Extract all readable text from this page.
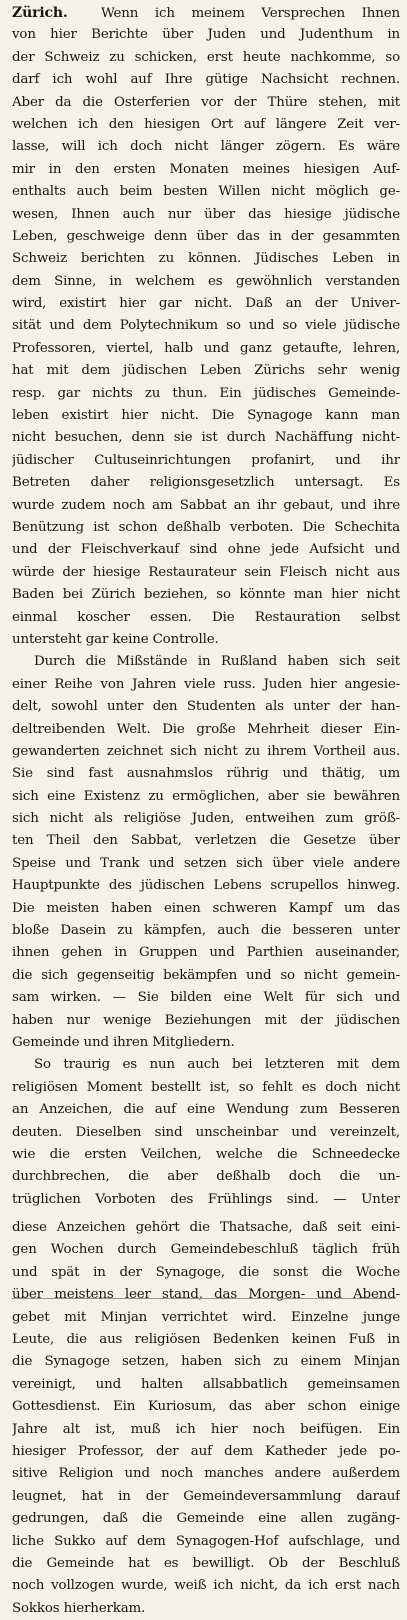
Zürich. Wenn ich meinem Versprechen Ihnen
von hier Berichte über Juden und Judenthum in
der Schweiz zu schicken, erst heute nachkomme, so
darf ich wohl auf Ihre gütige Nachsicht rechnen.
Aber da die Osterferien vor der Thüre stehen, mit
welchen ich den hiesigen Ort auf längere Zeit ver-
lasse, will ich doch nicht länger zögern. Es wäre
mir in den ersten Monaten meines hiesigen Auf-
enthalts auch beim besten Willen nicht möglich ge-
wesen, Ihnen auch nur über das hiesige jüdische
Leben, geschweige denn über das in der gesammten
Schweiz berichten zu können. Jüdisches Leben in
dem Sinne, in welchem es gewöhnlich verstanden
wird, existirt hier gar nicht. Daß an der Univer-
sität und dem Polytechnikum so und so viele jüdische
Professoren, viertel, halb und ganz getaufte, lehren,
hat mit dem jüdischen Leben Zürichs sehr wenig
resp. gar nichts zu thun. Ein jüdisches Gemeinde-
leben existirt hier nicht. Die Synagoge kann man
nicht besuchen, denn sie ist durch Nachäffung nicht-
jüdischer Cultuseinrichtungen profanirt, und ihr
Betreten daher religionsgesetzlich untersagt. Es
wurde zudem noch am Sabbat an ihr gebaut, und ihre
Benützung ist schon deßhalb verboten. Die Schechita
und der Fleischverkauf sind ohne jede Aufsicht und
würde der hiesige Restaurateur sein Fleisch nicht aus
Baden bei Zürich beziehen, so könnte man hier nicht
einmal koscher essen. Die Restauration selbst
untersteht gar keine Controlle.
Durch die Mißstände in Rußland haben sich seit
einer Reihe von Jahren viele russ. Juden hier angesie-
delt, sowohl unter den Studenten als unter der han-
deltreibenden Welt. Die große Mehrheit dieser Ein-
gewanderten zeichnet sich nicht zu ihrem Vortheil aus.
Sie sind fast ausnahmslos rührig und thätig, um
sich eine Existenz zu ermöglichen, aber sie bewähren
sich nicht als religiöse Juden, entweihen zum größ-
ten Theil den Sabbat, verletzen die Gesetze über
Speise und Trank und setzen sich über viele andere
Hauptpunkte des jüdischen Lebens scrupellos hinweg.
Die meisten haben einen schweren Kampf um das
bloße Dasein zu kämpfen, auch die besseren unter
ihnen gehen in Gruppen und Parthien auseinander,
die sich gegenseitig bekämpfen und so nicht gemein-
sam wirken. — Sie bilden eine Welt für sich und
haben nur wenige Beziehungen mit der jüdischen
Gemeinde und ihren Mitgliedern.
So traurig es nun auch bei letzteren mit dem
religiösen Moment bestellt ist, so fehlt es doch nicht
an Anzeichen, die auf eine Wendung zum Besseren
deuten. Dieselben sind unscheinbar und vereinzelt,
wie die ersten Veilchen, welche die Schneedecke
durchbrechen, die aber deßhalb doch die un-
trüglichen Vorboten des Frühlings sind. — Unter
diese Anzeichen gehört die Thatsache, daß seit eini-
gen Wochen durch Gemeindebeschluß täglich früh
und spät in der Synagoge, die sonst die Woche
über meistens leer stand, das Morgen- und Abend-
gebet mit Minjan verrichtet wird. Einzelne junge
Leute, die aus religiösen Bedenken keinen Fuß in
die Synagoge setzen, haben sich zu einem Minjan
vereinigt, und halten allsabbatlich gemeinsamen
Gottesdienst. Ein Kuriosum, das aber schon einige
Jahre alt ist, muß ich hier noch beifügen. Ein
hiesiger Professor, der auf dem Katheder jede po-
sitive Religion und noch manches andere außerdem
leugnet, hat in der Gemeindeversammlung darauf
gedrungen, daß die Gemeinde eine allen zugäng-
liche Sukko auf dem Synagogen-Hof aufschlage, und
die Gemeinde hat es bewilligt. Ob der Beschluß
noch vollzogen wurde, weiß ich nicht, da ich erst nach
Sokkos hierherkam.
